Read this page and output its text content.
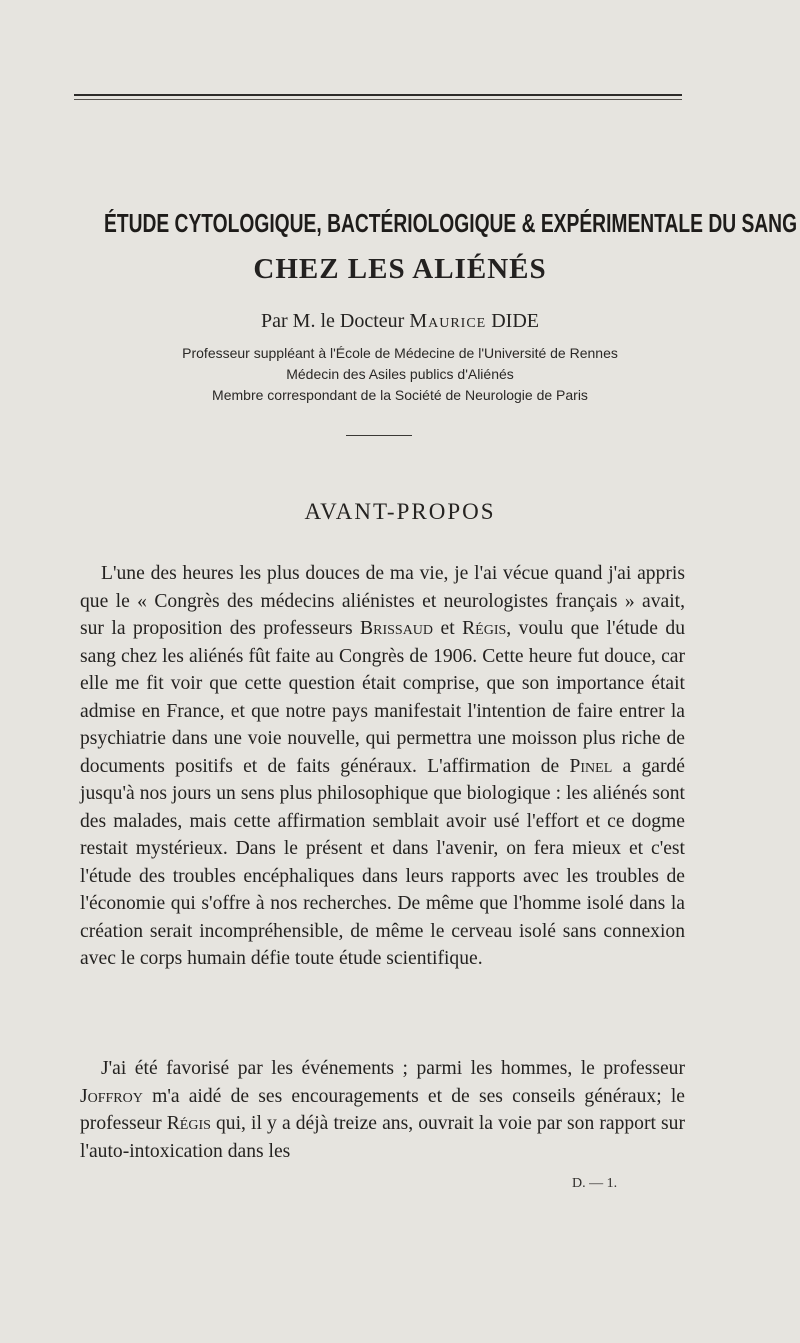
ÉTUDE CYTOLOGIQUE, BACTÉRIOLOGIQUE & EXPÉRIMENTALE DU SANG
CHEZ LES ALIÉNÉS
Par M. le Docteur Maurice DIDE
Professeur suppléant à l'École de Médecine de l'Université de Rennes
Médecin des Asiles publics d'Aliénés
Membre correspondant de la Société de Neurologie de Paris
AVANT-PROPOS

L'une des heures les plus douces de ma vie, je l'ai vécue quand j'ai appris que le « Congrès des médecins aliénistes et neurologistes français » avait, sur la proposition des professeurs Brissaud et Régis, voulu que l'étude du sang chez les aliénés fût faite au Congrès de 1906. Cette heure fut douce, car elle me fit voir que cette question était comprise, que son importance était admise en France, et que notre pays manifestait l'intention de faire entrer la psychiatrie dans une voie nouvelle, qui permettra une moisson plus riche de documents positifs et de faits généraux. L'affirmation de Pinel a gardé jusqu'à nos jours un sens plus philosophique que biologique : les aliénés sont des malades, mais cette affirmation semblait avoir usé l'effort et ce dogme restait mystérieux. Dans le présent et dans l'avenir, on fera mieux et c'est l'étude des troubles encéphaliques dans leurs rapports avec les troubles de l'économie qui s'offre à nos recherches. De même que l'homme isolé dans la création serait incompréhensible, de même le cerveau isolé sans connexion avec le corps humain défie toute étude scientifique.

J'ai été favorisé par les événements ; parmi les hommes, le professeur Joffroy m'a aidé de ses encouragements et de ses conseils généraux; le professeur Régis qui, il y a déjà treize ans, ouvrait la voie par son rapport sur l'auto-intoxication dans les

D. — 1.
